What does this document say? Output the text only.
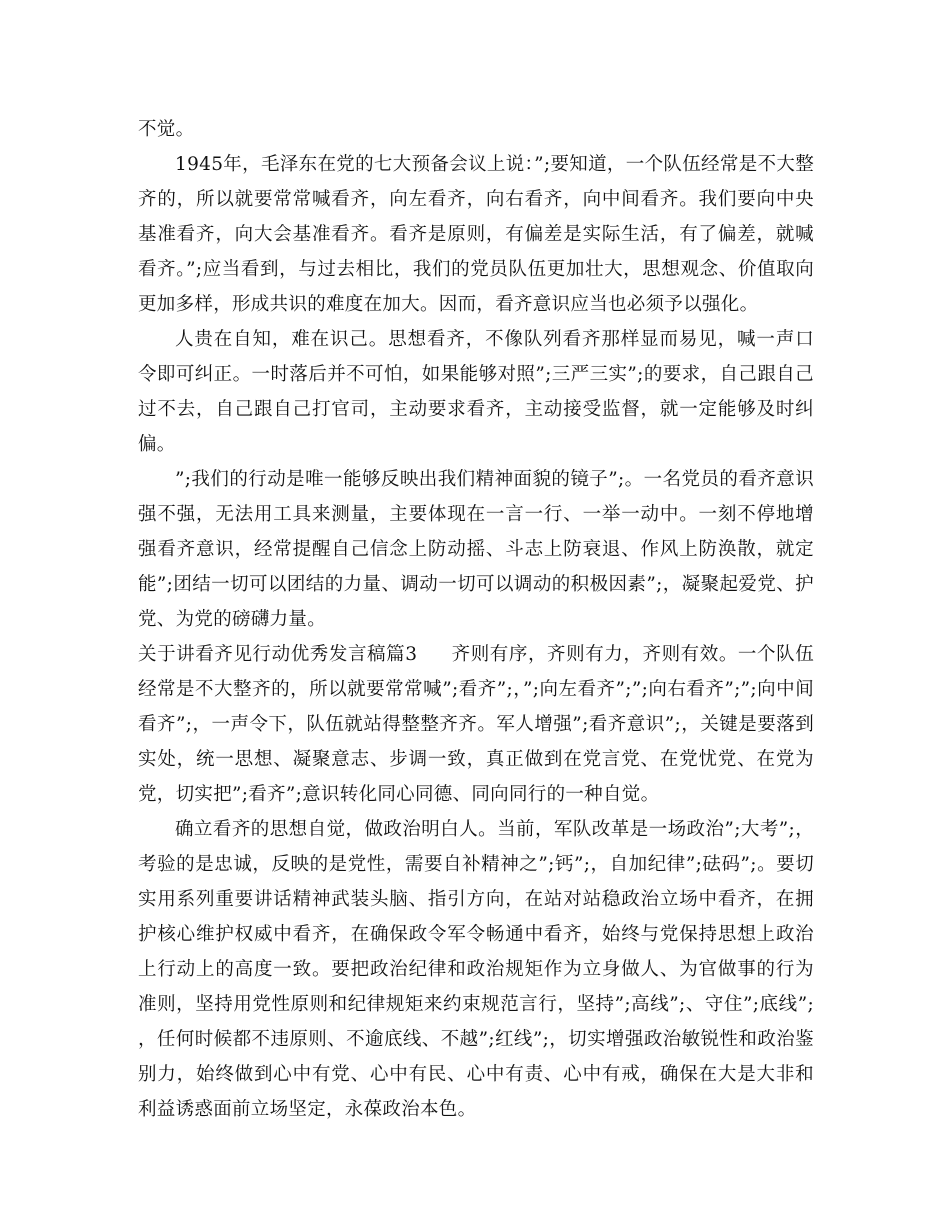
不觉。

1945年，毛泽东在党的七大预备会议上说：”;要知道，一个队伍经常是不大整齐的，所以就要常常喊看齐，向左看齐，向右看齐，向中间看齐。我们要向中央基准看齐，向大会基准看齐。看齐是原则，有偏差是实际生活，有了偏差，就喊看齐。”;应当看到，与过去相比，我们的党员队伍更加壮大，思想观念、价值取向更加多样，形成共识的难度在加大。因而，看齐意识应当也必须予以强化。

人贵在自知，难在识己。思想看齐，不像队列看齐那样显而易见，喊一声口令即可纠正。一时落后并不可怕，如果能够对照”;三严三实”;的要求，自己跟自己过不去，自己跟自己打官司，主动要求看齐，主动接受监督，就一定能够及时纠偏。

”;我们的行动是唯一能够反映出我们精神面貌的镜子”;。一名党员的看齐意识强不强，无法用工具来测量，主要体现在一言一行、一举一动中。一刻不停地增强看齐意识，经常提醒自己信念上防动摇、斗志上防衰退、作风上防涣散，就定能”;团结一切可以团结的力量、调动一切可以调动的积极因素”;，凝聚起爱党、护党、为党的磅礴力量。

关于讲看齐见行动优秀发言稿篇3 齐则有序，齐则有力，齐则有效。一个队伍经常是不大整齐的，所以就要常常喊”;看齐”;，”;向左看齐”;”;向右看齐”;”;向中间看齐”;，一声令下，队伍就站得整整齐齐。军人增强”;看齐意识”;，关键是要落到实处，统一思想、凝聚意志、步调一致，真正做到在党言党、在党忧党、在党为党，切实把”;看齐”;意识转化同心同德、同向同行的一种自觉。

确立看齐的思想自觉，做政治明白人。当前，军队改革是一场政治”;大考”;，考验的是忠诚，反映的是党性，需要自补精神之”;钙”;，自加纪律”;砝码”;。要切实用系列重要讲话精神武装头脑、指引方向，在站对站稳政治立场中看齐，在拥护核心维护权威中看齐，在确保政令军令畅通中看齐，始终与党保持思想上政治上行动上的高度一致。要把政治纪律和政治规矩作为立身做人、为官做事的行为准则，坚持用党性原则和纪律规矩来约束规范言行，坚持”;高线”;、守住”;底线”;，任何时候都不违原则、不逾底线、不越”;红线”;，切实增强政治敏锐性和政治鉴别力，始终做到心中有党、心中有民、心中有责、心中有戒，确保在大是大非和利益诱惑面前立场坚定，永葆政治本色。
